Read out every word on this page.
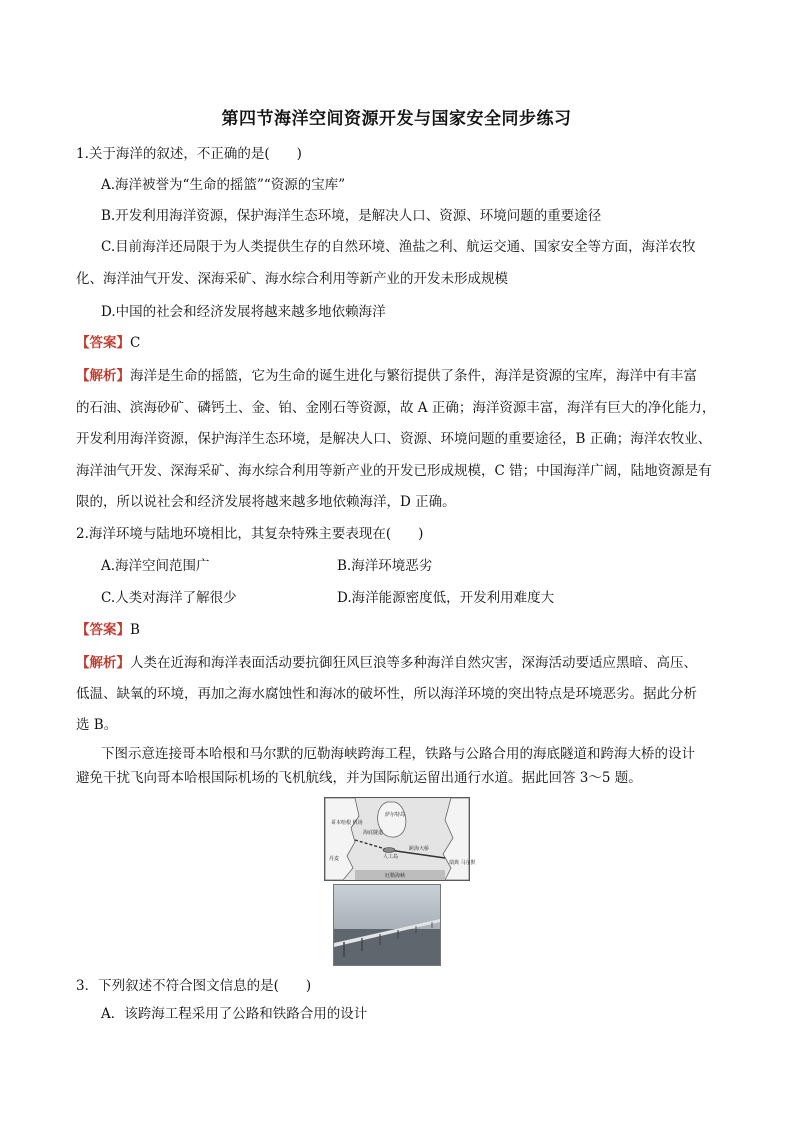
第四节海洋空间资源开发与国家安全同步练习
1.关于海洋的叙述，不正确的是(　　)
A.海洋被誉为“生命的摇篮”“资源的宝库”
B.开发利用海洋资源，保护海洋生态环境，是解决人口、资源、环境问题的重要途径
C.目前海洋还局限于为人类提供生存的自然环境、渔盐之利、航运交通、国家安全等方面，海洋农牧
化、海洋油气开发、深海采矿、海水综合利用等新产业的开发未形成规模
D.中国的社会和经济发展将越来越多地依赖海洋
【答案】C
【解析】海洋是生命的摇篮，它为生命的诞生进化与繁衍提供了条件，海洋是资源的宝库，海洋中有丰富
的石油、滨海砂矿、磷钙土、金、铂、金刚石等资源，故 A 正确；海洋资源丰富，海洋有巨大的净化能力，
开发利用海洋资源，保护海洋生态环境，是解决人口、资源、环境问题的重要途径，B 正确；海洋农牧业、
海洋油气开发、深海采矿、海水综合利用等新产业的开发已形成规模，C 错；中国海洋广阔，陆地资源是有
限的，所以说社会和经济发展将越来越多地依赖海洋，D 正确。
2.海洋环境与陆地环境相比，其复杂特殊主要表现在(　　)
A.海洋空间范围广	B.海洋环境恶劣
C.人类对海洋了解很少	D.海洋能源密度低，开发利用难度大
【答案】B
【解析】人类在近海和海洋表面活动要抗御狂风巨浪等多种海洋自然灾害，深海活动要适应黑暗、高压、
低温、缺氧的环境，再加之海水腐蚀性和海冰的破坏性，所以海洋环境的突出特点是环境恶劣。据此分析
选 B。
下图示意连接哥本哈根和马尔默的厄勒海峡跨海工程，铁路与公路合用的海底隧道和跨海大桥的设计
避免干扰飞向哥本哈根国际机场的飞机航线，并为国际航运留出通行水道。据此回答 3～5 题。
海底隧道
跨海大桥
人工岛
萨尔特岛
哥本哈根 机场
丹麦
瑞典 马尔默
厄勒海峡
3．下列叙述不符合图文信息的是(　　)
A．该跨海工程采用了公路和铁路合用的设计
